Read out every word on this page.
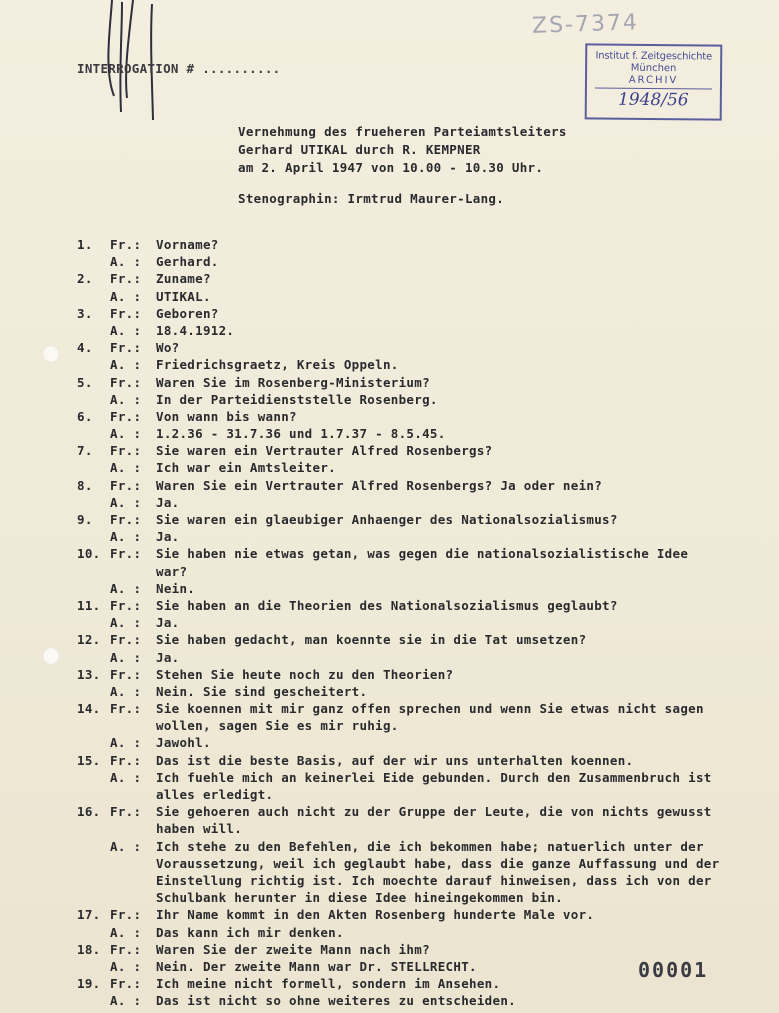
ZS-7374
Institut f. Zeitgeschichte
München
ARCHIV
1948/56
INTERROGATION # ..........
Vernehmung des frueheren Parteiamtsleiters
Gerhard UTIKAL durch R. KEMPNER
am 2. April 1947 von 10.00 - 10.30 Uhr.
Stenographin: Irmtrud Maurer-Lang.
1. Fr.: Vorname?
A. : Gerhard.
2. Fr.: Zuname?
A. : UTIKAL.
3. Fr.: Geboren?
A. : 18.4.1912.
4. Fr.: Wo?
A. : Friedrichsgraetz, Kreis Oppeln.
5. Fr.: Waren Sie im Rosenberg-Ministerium?
A. : In der Parteidienststelle Rosenberg.
6. Fr.: Von wann bis wann?
A. : 1.2.36 - 31.7.36 und 1.7.37 - 8.5.45.
7. Fr.: Sie waren ein Vertrauter Alfred Rosenbergs?
A. : Ich war ein Amtsleiter.
8. Fr.: Waren Sie ein Vertrauter Alfred Rosenbergs? Ja oder nein?
A. : Ja.
9. Fr.: Sie waren ein glaeubiger Anhaenger des Nationalsozialismus?
A. : Ja.
10. Fr.: Sie haben nie etwas getan, was gegen die nationalsozialistische Idee
war?
A. : Nein.
11. Fr.: Sie haben an die Theorien des Nationalsozialismus geglaubt?
A. : Ja.
12. Fr.: Sie haben gedacht, man koennte sie in die Tat umsetzen?
A. : Ja.
13. Fr.: Stehen Sie heute noch zu den Theorien?
A. : Nein. Sie sind gescheitert.
14. Fr.: Sie koennen mit mir ganz offen sprechen und wenn Sie etwas nicht sagen
wollen, sagen Sie es mir ruhig.
A. : Jawohl.
15. Fr.: Das ist die beste Basis, auf der wir uns unterhalten koennen.
A. : Ich fuehle mich an keinerlei Eide gebunden. Durch den Zusammenbruch ist
alles erledigt.
16. Fr.: Sie gehoeren auch nicht zu der Gruppe der Leute, die von nichts gewusst
haben will.
A. : Ich stehe zu den Befehlen, die ich bekommen habe; natuerlich unter der
Voraussetzung, weil ich geglaubt habe, dass die ganze Auffassung und der
Einstellung richtig ist. Ich moechte darauf hinweisen, dass ich von der
Schulbank herunter in diese Idee hineingekommen bin.
17. Fr.: Ihr Name kommt in den Akten Rosenberg hunderte Male vor.
A. : Das kann ich mir denken.
18. Fr.: Waren Sie der zweite Mann nach ihm?
A. : Nein. Der zweite Mann war Dr. STELLRECHT.
19. Fr.: Ich meine nicht formell, sondern im Ansehen.
A. : Das ist nicht so ohne weiteres zu entscheiden.
00001
